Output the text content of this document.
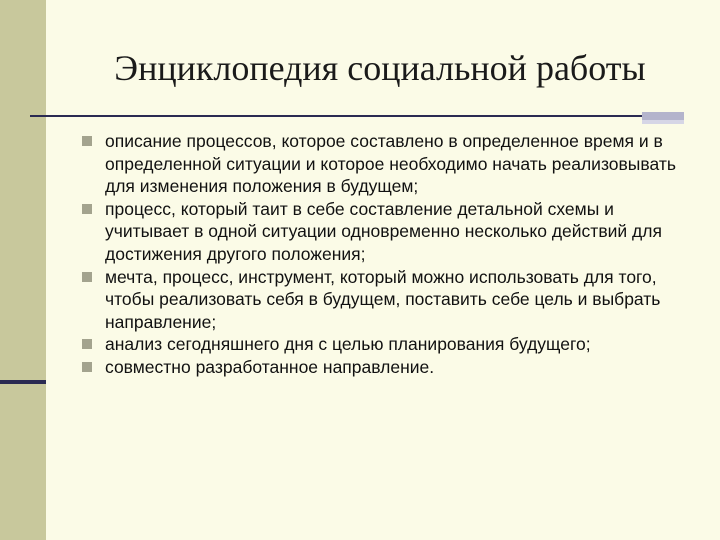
Энциклопедия социальной работы
описание процессов, которое составлено в определенное время и в определенной ситуации и которое необходимо начать реализовывать для изменения положения в будущем;
процесс, который таит в себе составление детальной схемы и учитывает в одной ситуации одновременно несколько действий для достижения другого положения;
мечта, процесс, инструмент, который можно использовать для того, чтобы реализовать себя в будущем, поставить себе цель и выбрать направление;
анализ сегодняшнего дня с целью планирования будущего;
совместно разработанное направление.
